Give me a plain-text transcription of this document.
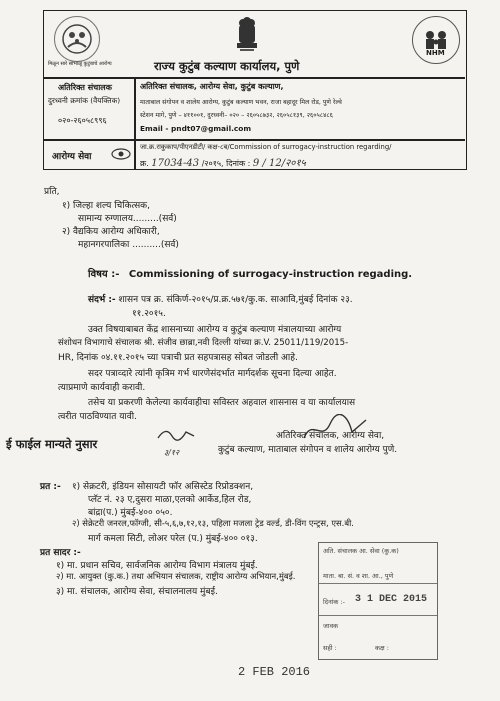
मिळून सारे सांभाळू कुटुंबाचे आरोग्य	राज्य कुटुंब कल्याण कार्यालय, पुणे
NHM
अतिरिक्त संचालक
दुरध्वनी क्रमांक (वैयक्तिक)
०२०-२६०५८९९६
अतिरिक्त संचालक, आरोग्य सेवा, कुटुंब कल्याण,
माताबाल संगोपन व शालेय आरोग्य, कुटुंब कल्याण भवन, राजा बहादूर मिल रोड, पुणे रेल्वे
स्टेशन मागे, पुणे – ४११००१, दुरध्वनी– ०२० – २६०५८७३२, २६०५८१३९, २६०५८४८६
Email - pndt07@gmail.com
आरोग्य सेवा
जा.क्र.राकुकाप/पीएनडीटी/ कक्ष-८ब/Commission of surrogacy-instruction regarding/
क्र. 17034-43 /२०१५, दिनांक : 9 / 12/२०१५
प्रति,
१) जिल्हा शल्य चिकित्सक,
सामान्य रुग्णालय.........(सर्व)
२) वैद्यकिय आरोग्य अधिकारी,
महानगरपालिका ..........(सर्व)
विषय :- Commissioning of surrogacy-instruction regading.
संदर्भ :- शासन पत्र क्र. संकिर्ण-२०१५/प्र.क्र.५७१/कु.क. साआवि,मुंबई दिनांक २३.
११.२०१५.
उक्त विषयाबाबत केंद्र शासनाच्या आरोग्य व कुटुंब कल्याण मंत्रालयाच्या आरोग्य
संशोधन विभागाचे संचालक श्री. संजीव छाब्रा,नवी दिल्ली यांच्या क्र.V. 25011/119/2015-
HR, दिनांक ०४.११.२०१५ च्या पत्राची प्रत सहपत्रासह सोबत जोडली आहे.
सदर पत्राव्दारे त्यांनी कृत्रिम गर्भ धारणेसंदर्भात मार्गदर्शक सूचना दिल्या आहेत.
त्याप्रमाणे कार्यवाही करावी.
तसेच या प्रकरणी केलेल्या कार्यवाहीचा सविस्तर अहवाल शासनास व या कार्यालयास
त्वरीत पाठविण्यात यावी.
ई फाईल मान्यते नुसार
३/१२
अतिरिक्त संचालक, आरोग्य सेवा,
कुटुंब कल्याण, माताबाल संगोपन व शालेय आरोग्य पुणे.
प्रत :- १) सेक्रटरी, इंडियन सोसायटी फॉर असिस्टेड रिप्रोडक्शन,
प्लॅट नं. २३ ए,दुसरा माळा,एलको आर्केड,हिल रोड,
बांद्रा(प.) मुंबई-४०० ०५०.
२) सेक्रेटरी जनरल,फॉग्जी, सी-५,६,७,१२,१३, पहिला मजला ट्रेड वर्ल्ड, डी-विंग एन्ट्रस, एस.बी.
मार्ग कमला सिटी, लोअर परेल (प.) मुंबई-४०० ०१३.
प्रत सादर :-
१) मा. प्रधान सचिव, सार्वजनिक आरोग्य विभाग मंत्रालय मुंबई.
२) मा. आयुक्त (कु.क.) तथा अभियान संचालक, राष्ट्रीय आरोग्य अभियान,मुंबई.
३) मा. संचालक, आरोग्य सेवा, संचालनालय मुंबई.
अति. संचालक आ. सेवा (कु.क)
माता. बा. सं. व शा. आ., पुणे
दिनांक :- 3 1 DEC 2015
जावक
सही :	कक्ष :
2 FEB 2016
